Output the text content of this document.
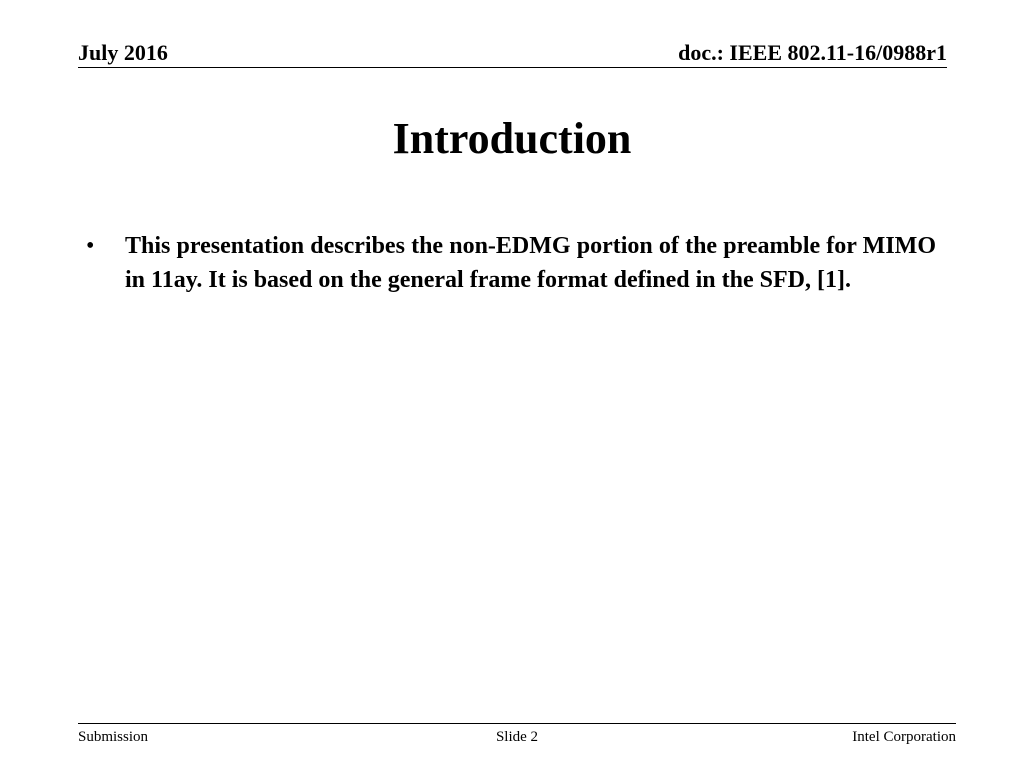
July 2016	doc.: IEEE 802.11-16/0988r1
Introduction
• This presentation describes the non-EDMG portion of the preamble for MIMO in 11ay. It is based on the general frame format defined in the SFD, [1].
Submission	Slide 2	Intel Corporation
